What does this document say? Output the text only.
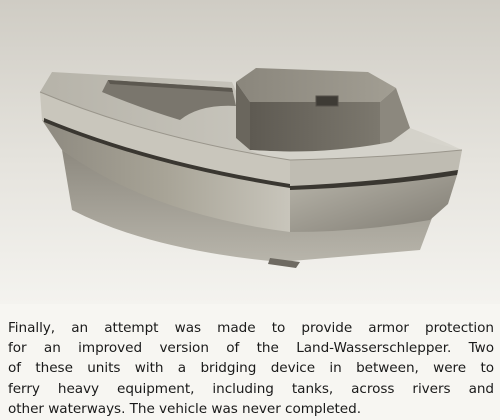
Finally, an attempt was made to provide armor protection
for an improved version of the Land-Wasserschlepper. Two
of these units with a bridging device in between, were to
ferry heavy equipment, including tanks, across rivers and
other waterways. The vehicle was never completed.
